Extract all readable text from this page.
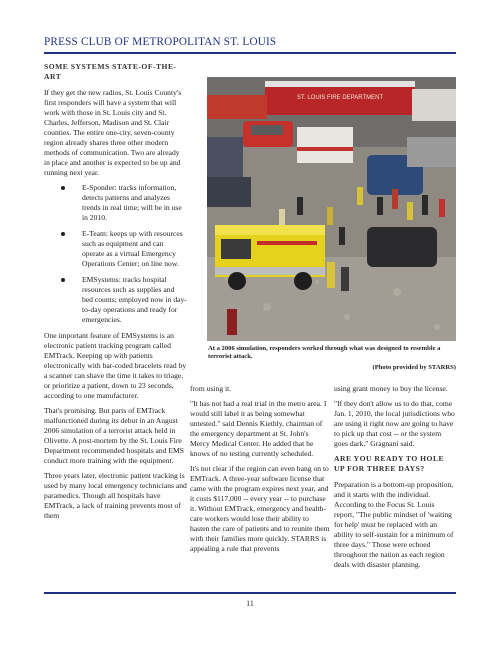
PRESS CLUB OF METROPOLITAN ST. LOUIS
SOME SYSTEMS STATE-OF-THE-ART

If they get the new radios, St. Louis County's first responders will have a system that will work with those in St. Louis city and St. Charles, Jefferson, Madison and St. Clair counties. The entire one-city, seven-county region already shares three other modern methods of communication. Two are already in place and another is expected to be up and running next year.

E-Sponder: tracks information, detects patterns and analyzes trends in real time; will be in use in 2010.
E-Team: keeps up with resources such as equipment and can operate as a virtual Emergency Operations Center; on line now.
EMSystems: tracks hospital resources such as supplies and bed counts; employed now in day-to-day operations and ready for emergencies.

One important feature of EMSystems is an electronic patient tracking program called EMTrack. Keeping up with patients electronically with bar-coded bracelets read by a scanner can shave the time it takes to triage, or prioritize a patient, down to 23 seconds, according to one manufacturer.

That's promising. But parts of EMTrack malfunctioned during its debut in an August 2006 simulation of a terrorist attack held in Olivette. A post-mortem by the St. Louis Fire Department recommended hospitals and EMS conduct more training with the equipment.

Three years later, electronic patient tracking is used by many local emergency technicians and paramedics. Though all hospitals have EMTrack, a lack of training prevents most of them

ST. LOUIS FIRE DEPARTMENT
At a 2006 simulation, responders worked through what was designed to resemble a terrorist attack.
(Photo provided by STARRS)

from using it.

"It has not had a real trial in the metro area. I would still label it as being somewhat untested." said Dennis Kiethly, chairman of the emergency department at St. John's Mercy Medical Center. He added that he knows of no testing currently scheduled.

It's not clear if the region can even hang on to EMTrack. A three-year software license that came with the program expires next year, and it costs $117,000 -- every year -- to purchase it. Without EMTrack, emergency and health-care workers would lose their ability to hasten the care of patients and to reunite them with their families more quickly. STARRS is appealing a rule that prevents

using grant money to buy the license.

"If they don't allow us to do that, come Jan. 1, 2010, the local jurisdictions who are using it right now are going to have to pick up that cost -- or the system goes dark," Gragnani said.

ARE YOU READY TO HOLE UP FOR THREE DAYS?

Preparation is a bottom-up proposition, and it starts with the individual. According to the Focus St. Louis report, "The public mindset of 'waiting for help' must be replaced with an ability to self-sustain for a minimum of three days." Those were echoed throughout the nation as each region deals with disaster planning.

11
